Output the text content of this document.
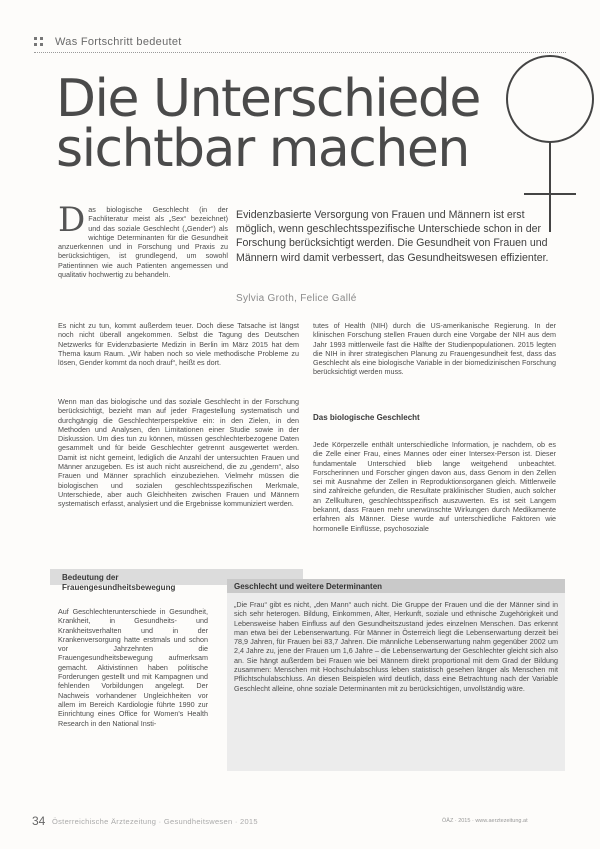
Was Fortschritt bedeutet
Die Unterschiede
sichtbar machen

Evidenzbasierte Versorgung von Frauen und Männern ist erst möglich, wenn geschlechtsspezifische Unterschiede schon in der Forschung berücksichtigt werden. Die Gesundheit von Frauen und Männern wird damit verbessert, das Gesundheitswesen effizienter.

Sylvia Groth, Felice Gallé
D as biologische Geschlecht (in der Fachliteratur meist als „Sex“ bezeichnet) und das soziale Geschlecht („Gender“) als wichtige Determinanten für die Gesundheit anzuerkennen und in Forschung und Praxis zu berücksichtigen, ist grundlegend, um sowohl Patientinnen wie auch Patienten angemessen und qualitativ hochwertig zu behandeln.

Es nicht zu tun, kommt außerdem teuer. Doch diese Tatsache ist längst noch nicht überall angekommen. Selbst die Tagung des Deutschen Netzwerks für Evidenzbasierte Medizin in Berlin im März 2015 hat dem Thema kaum Raum. „Wir haben noch so viele methodische Probleme zu lösen, Gender kommt da noch drauf“, heißt es dort.

Wenn man das biologische und das soziale Geschlecht in der Forschung berücksichtigt, bezieht man auf jeder Fragestellung systematisch und durchgängig die Geschlechterperspektive ein: in den Zielen, in den Methoden und Analysen, den Limitationen einer Studie sowie in der Diskussion. Um dies tun zu können, müssen geschlechterbezogene Daten gesammelt und für beide Geschlechter getrennt ausgewertet werden. Damit ist nicht gemeint, lediglich die Anzahl der untersuchten Frauen und Männer anzugeben. Es ist auch nicht ausreichend, die zu „gendern“, also Frauen und Männer sprachlich einzubeziehen. Vielmehr müssen die biologischen und sozialen geschlechtsspezifischen Merkmale, Unterschiede, aber auch Gleichheiten zwischen Frauen und Männern systematisch erfasst, analysiert und die Ergebnisse kommuniziert werden.

tutes of Health (NIH) durch die US-amerikanische Regierung. In der klinischen Forschung stellen Frauen durch eine Vorgabe der NIH aus dem Jahr 1993 mittlerweile fast die Hälfte der Studienpopulationen. 2015 legten die NIH in ihrer strategischen Planung zu Frauengesundheit fest, dass das Geschlecht als eine biologische Variable in der biomedizinischen Forschung berücksichtigt werden muss.

Das biologische Geschlecht

Jede Körperzelle enthält unterschiedliche Information, je nachdem, ob es die Zelle einer Frau, eines Mannes oder einer Intersex-Person ist. Dieser fundamentale Unterschied blieb lange weitgehend unbeachtet. Forscherinnen und Forscher gingen davon aus, dass Genom in den Zellen sei mit Ausnahme der Zellen in Reproduktionsorganen gleich. Mittlerweile sind zahlreiche gefunden, die Resultate präklinischer Studien, auch solcher an Zellkulturen, geschlechtsspezifisch auszuwerten. Es ist seit Langem bekannt, dass Frauen mehr unerwünschte Wirkungen durch Medikamente erfahren als Männer. Diese wurde auf unterschiedliche Faktoren wie hormonelle Einflüsse, psychosoziale

Bedeutung der Frauengesundheitsbewegung

Auf Geschlechterunterschiede in Gesundheit, Krankheit, in Gesundheits- und Krankheitsverhalten und in der Krankenversorgung hatte erstmals und schon vor Jahrzehnten die Frauengesundheitsbewegung aufmerksam gemacht. Aktivistinnen haben politische Forderungen gestellt und mit Kampagnen und fehlenden Vorbildungen angelegt. Der Nachweis vorhandener Ungleichheiten vor allem im Bereich Kardiologie führte 1990 zur Einrichtung eines Office for Women's Health Research in den National Insti-

Geschlecht und weitere Determinanten

„Die Frau“ gibt es nicht, „den Mann“ auch nicht. Die Gruppe der Frauen und die der Männer sind in sich sehr heterogen. Bildung, Einkommen, Alter, Herkunft, soziale und ethnische Zugehörigkeit und Lebensweise haben Einfluss auf den Gesundheitszustand jedes einzelnen Menschen. Das erkennt man etwa bei der Lebenserwartung. Für Männer in Österreich liegt die Lebenserwartung derzeit bei 78,9 Jahren, für Frauen bei 83,7 Jahren. Die männliche Lebenserwartung nahm gegenüber 2002 um 2,4 Jahre zu, jene der Frauen um 1,6 Jahre – die Lebenserwartung der Geschlechter gleicht sich also an. Sie hängt außerdem bei Frauen wie bei Männern direkt proportional mit dem Grad der Bildung zusammen: Menschen mit Hochschulabschluss leben statistisch gesehen länger als Menschen mit Pflichtschulabschluss. An diesen Beispielen wird deutlich, dass eine Betrachtung nach der Variable Geschlecht alleine, ohne soziale Determinanten mit zu berücksichtigen, unvollständig wäre.

34 Österreichische Ärztezeitung · Gesundheitswesen · 2015	ÖÄZ · 2015 · www.aerztezeitung.at
